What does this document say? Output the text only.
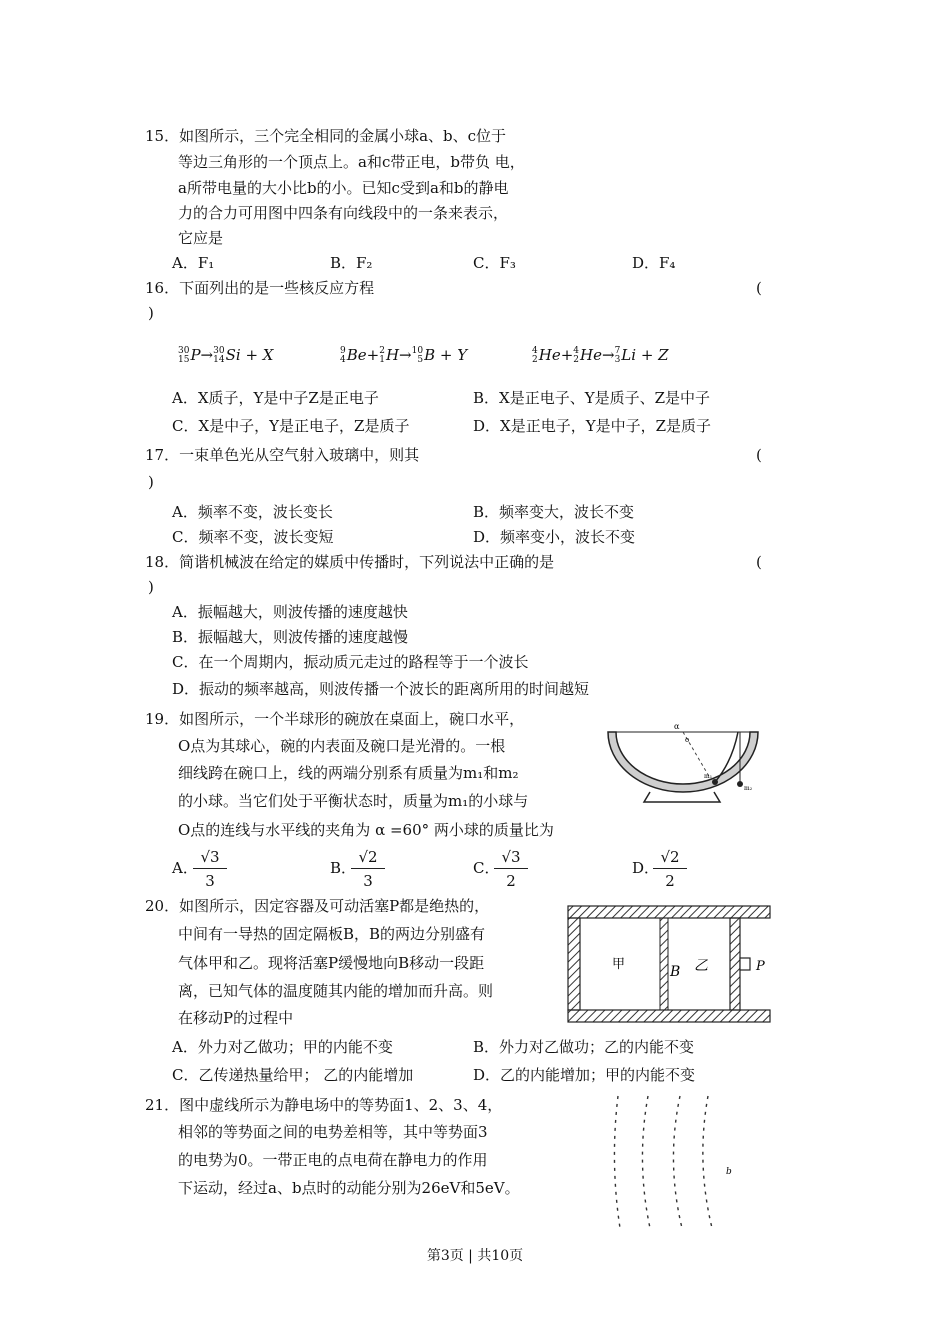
15．如图所示，三个完全相同的金属小球a、b、c位于
等边三角形的一个顶点上。a和c带正电，b带负 电，
a所带电量的大小比b的小。已知c受到a和b的静电
力的合力可用图中四条有向线段中的一条来表示，
它应是
A．F₁	B．F₂	C．F₃	D．F₄
16．下面列出的是一些核反应方程	(
)
30
15P→30
14Si + X	9
4Be+2
1H→10
5B + Y	4
2He+4
2He→7
3Li + Z
A．X质子，Y是中子Z是正电子	B．X是正电子、Y是质子、Z是中子
C．X是中子，Y是正电子，Z是质子	D．X是正电子，Y是中子，Z是质子
17．一束单色光从空气射入玻璃中，则其	(
)
A．频率不变，波长变长	B．频率变大，波长不变
C．频率不变，波长变短	D．频率变小，波长不变
18．简谐机械波在给定的媒质中传播时，下列说法中正确的是	(
)
A．振幅越大，则波传播的速度越快
B．振幅越大，则波传播的速度越慢
C．在一个周期内，振动质元走过的路程等于一个波长
D．振动的频率越高，则波传播一个波长的距离所用的时间越短
19．如图所示，一个半球形的碗放在桌面上，碗口水平，
O点为其球心，碗的内表面及碗口是光滑的。一根
细线跨在碗口上，线的两端分别系有质量为m₁和m₂
的小球。当它们处于平衡状态时，质量为m₁的小球与
O点的连线与水平线的夹角为 α =60° 两小球的质量比为
A．
$\frac{√3}{3}$	B．
$\frac{√2}{3}$	C．
$\frac{√3}{2}$	D．
$\frac{√2}{2}$
α
o
m₁
m₂
20．如图所示，因定容器及可动活塞P都是绝热的，
中间有一导热的固定隔板B，B的两边分别盛有
气体甲和乙。现将活塞P缓慢地向B移动一段距
离，已知气体的温度随其内能的增加而升高。则
在移动P的过程中
A．外力对乙做功；甲的内能不变	B．外力对乙做功；乙的内能不变
C．乙传递热量给甲； 乙的内能增加	D．乙的内能增加；甲的内能不变
甲	B 乙	P
21．图中虚线所示为静电场中的等势面1、2、3、4，
相邻的等势面之间的电势差相等，其中等势面3
的电势为0。一带正电的点电荷在静电力的作用
下运动，经过a、b点时的动能分别为26eV和5eV。
b
第3页 | 共10页
